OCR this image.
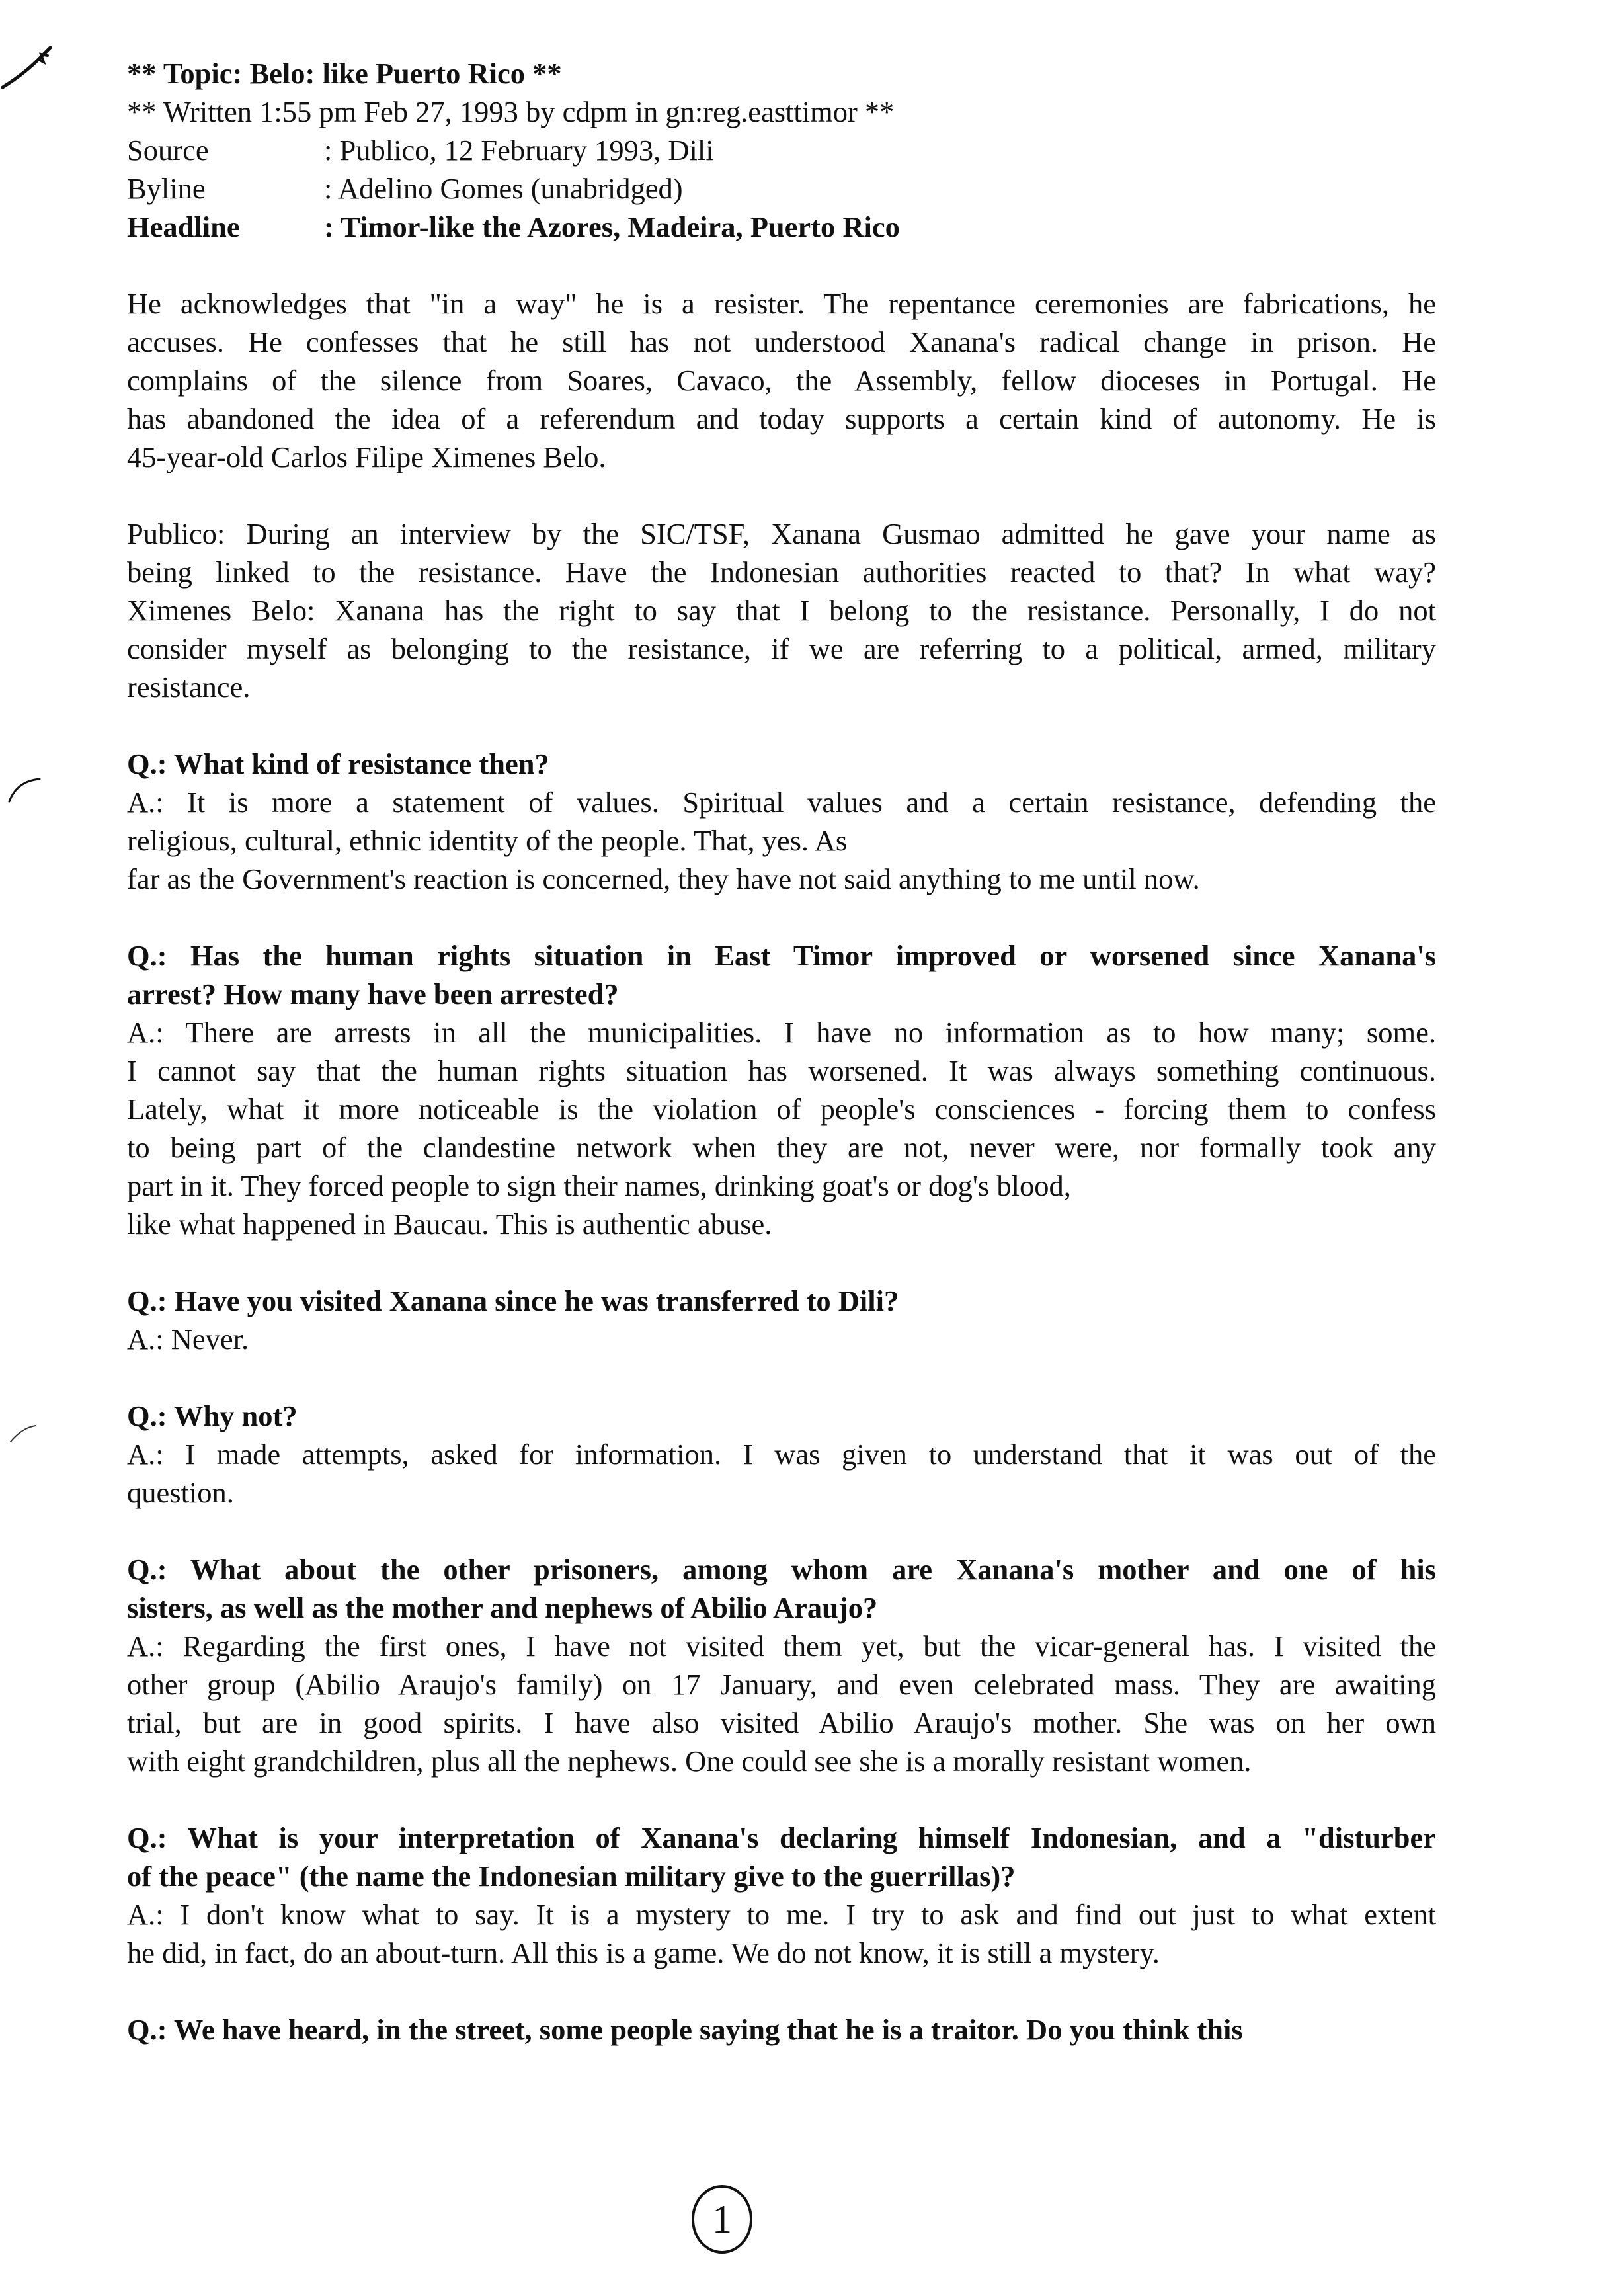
** Topic: Belo: like Puerto Rico **
** Written 1:55 pm Feb 27, 1993 by cdpm in gn:reg.easttimor **
Source	: Publico, 12 February 1993, Dili
Byline	: Adelino Gomes (unabridged)
Headline	: Timor-like the Azores, Madeira, Puerto Rico
He acknowledges that "in a way" he is a resister. The repentance ceremonies are fabrications, he
accuses. He confesses that he still has not understood Xanana's radical change in prison. He
complains of the silence from Soares, Cavaco, the Assembly, fellow dioceses in Portugal. He
has abandoned the idea of a referendum and today supports a certain kind of autonomy. He is
45-year-old Carlos Filipe Ximenes Belo.
Publico: During an interview by the SIC/TSF, Xanana Gusmao admitted he gave your name as
being linked to the resistance. Have the Indonesian authorities reacted to that? In what way?
Ximenes Belo: Xanana has the right to say that I belong to the resistance. Personally, I do not
consider myself as belonging to the resistance, if we are referring to a political, armed, military
resistance.
Q.: What kind of resistance then?
A.: It is more a statement of values. Spiritual values and a certain resistance, defending the
religious, cultural, ethnic identity of the people. That, yes. As
far as the Government's reaction is concerned, they have not said anything to me until now.
Q.: Has the human rights situation in East Timor improved or worsened since Xanana's
arrest? How many have been arrested?
A.: There are arrests in all the municipalities. I have no information as to how many; some.
I cannot say that the human rights situation has worsened. It was always something continuous.
Lately, what it more noticeable is the violation of people's consciences - forcing them to confess
to being part of the clandestine network when they are not, never were, nor formally took any
part in it. They forced people to sign their names, drinking goat's or dog's blood,
like what happened in Baucau. This is authentic abuse.
Q.: Have you visited Xanana since he was transferred to Dili?
A.: Never.
Q.: Why not?
A.: I made attempts, asked for information. I was given to understand that it was out of the
question.
Q.: What about the other prisoners, among whom are Xanana's mother and one of his
sisters, as well as the mother and nephews of Abilio Araujo?
A.: Regarding the first ones, I have not visited them yet, but the vicar-general has. I visited the
other group (Abilio Araujo's family) on 17 January, and even celebrated mass. They are awaiting
trial, but are in good spirits. I have also visited Abilio Araujo's mother. She was on her own
with eight grandchildren, plus all the nephews. One could see she is a morally resistant women.
Q.: What is your interpretation of Xanana's declaring himself Indonesian, and a "disturber
of the peace" (the name the Indonesian military give to the guerrillas)?
A.: I don't know what to say. It is a mystery to me. I try to ask and find out just to what extent
he did, in fact, do an about-turn. All this is a game. We do not know, it is still a mystery.
Q.: We have heard, in the street, some people saying that he is a traitor. Do you think this
1
